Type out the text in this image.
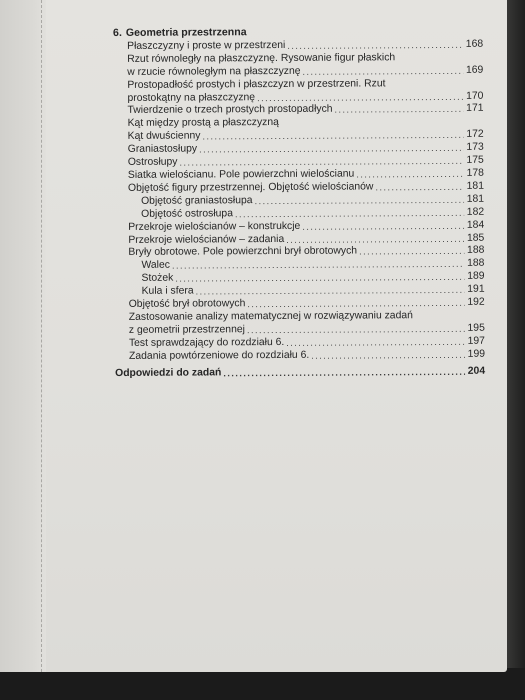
6. Geometria przestrzenna
Płaszczyzny i proste w przestrzeni .....	168
Rzut równoległy na płaszczyznę. Rysowanie figur płaskich
w rzucie równoległym na płaszczyznę .....	169
Prostopadłość prostych i płaszczyzn w przestrzeni. Rzut
prostokątny na płaszczyznę .....	170
Twierdzenie o trzech prostych prostopadłych .....	171
Kąt między prostą a płaszczyzną
Kąt dwuścienny .....	172
Graniastosłupy .....	173
Ostrosłupy .....	175
Siatka wielościanu. Pole powierzchni wielościanu .....	178
Objętość figury przestrzennej. Objętość wielościanów .....	181
Objętość graniastosłupa .....	181
Objętość ostrosłupa .....	182
Przekroje wielościanów – konstrukcje .....	184
Przekroje wielościanów – zadania .....	185
Bryły obrotowe. Pole powierzchni brył obrotowych .....	188
Walec .....	188
Stożek .....	189
Kula i sfera .....	191
Objętość brył obrotowych .....	192
Zastosowanie analizy matematycznej w rozwiązywaniu zadań
z geometrii przestrzennej .....	195
Test sprawdzający do rozdziału 6. .....	197
Zadania powtórzeniowe do rozdziału 6. .....	199
Odpowiedzi do zadań .....	204
